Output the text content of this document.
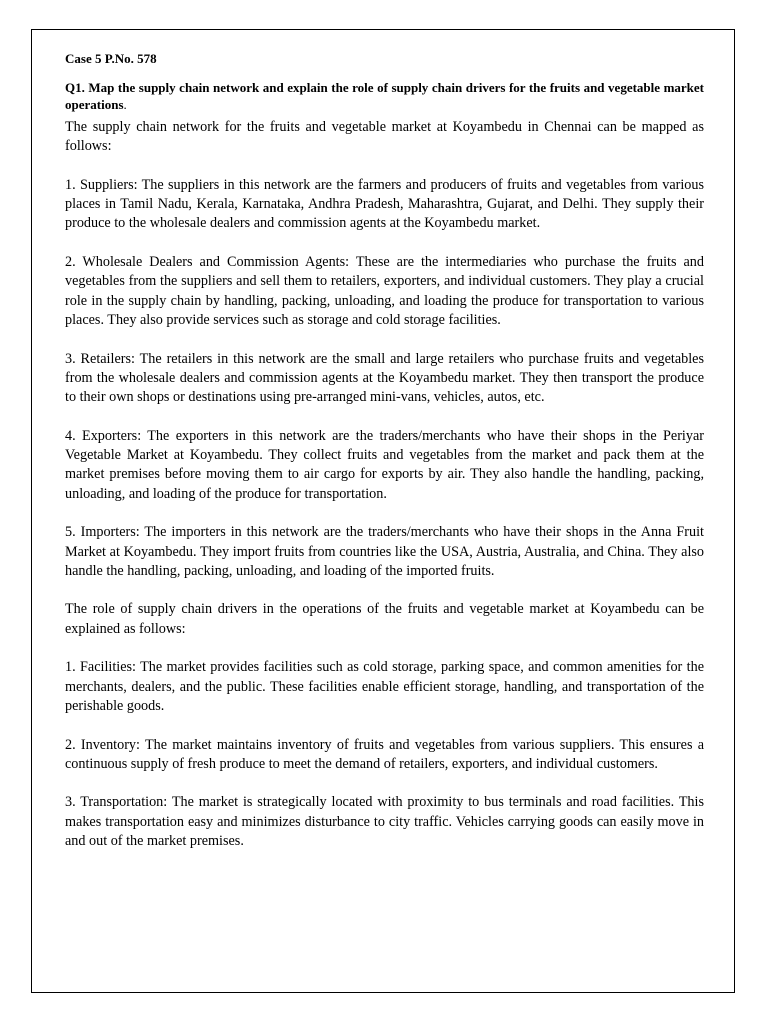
Case 5 P.No. 578
Q1. Map the supply chain network and explain the role of supply chain drivers for the fruits and vegetable market operations.

The supply chain network for the fruits and vegetable market at Koyambedu in Chennai can be mapped as follows:

1. Suppliers: The suppliers in this network are the farmers and producers of fruits and vegetables from various places in Tamil Nadu, Kerala, Karnataka, Andhra Pradesh, Maharashtra, Gujarat, and Delhi. They supply their produce to the wholesale dealers and commission agents at the Koyambedu market.

2. Wholesale Dealers and Commission Agents: These are the intermediaries who purchase the fruits and vegetables from the suppliers and sell them to retailers, exporters, and individual customers. They play a crucial role in the supply chain by handling, packing, unloading, and loading the produce for transportation to various places. They also provide services such as storage and cold storage facilities.

3. Retailers: The retailers in this network are the small and large retailers who purchase fruits and vegetables from the wholesale dealers and commission agents at the Koyambedu market. They then transport the produce to their own shops or destinations using pre-arranged mini-vans, vehicles, autos, etc.

4. Exporters: The exporters in this network are the traders/merchants who have their shops in the Periyar Vegetable Market at Koyambedu. They collect fruits and vegetables from the market and pack them at the market premises before moving them to air cargo for exports by air. They also handle the handling, packing, unloading, and loading of the produce for transportation.

5. Importers: The importers in this network are the traders/merchants who have their shops in the Anna Fruit Market at Koyambedu. They import fruits from countries like the USA, Austria, Australia, and China. They also handle the handling, packing, unloading, and loading of the imported fruits.

The role of supply chain drivers in the operations of the fruits and vegetable market at Koyambedu can be explained as follows:

1. Facilities: The market provides facilities such as cold storage, parking space, and common amenities for the merchants, dealers, and the public. These facilities enable efficient storage, handling, and transportation of the perishable goods.

2. Inventory: The market maintains inventory of fruits and vegetables from various suppliers. This ensures a continuous supply of fresh produce to meet the demand of retailers, exporters, and individual customers.

3. Transportation: The market is strategically located with proximity to bus terminals and road facilities. This makes transportation easy and minimizes disturbance to city traffic. Vehicles carrying goods can easily move in and out of the market premises.
